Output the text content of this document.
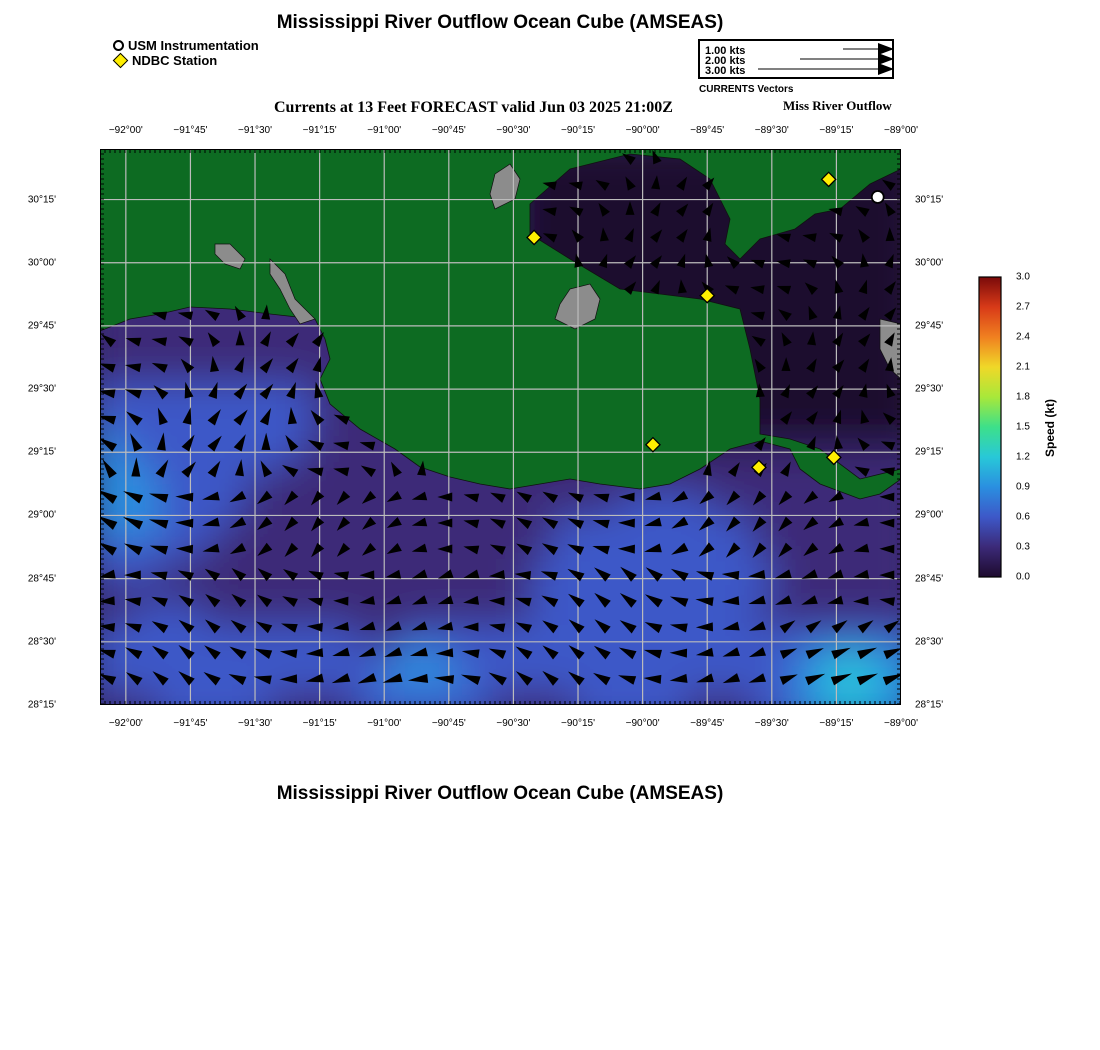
Mississippi River Outflow Ocean Cube (AMSEAS)
USM Instrumentation
NDBC Station
1.00 kts
2.00 kts
3.00 kts
CURRENTS Vectors
Currents at 13 Feet FORECAST valid Jun 03 2025 21:00Z	Miss River Outflow
−92°00'	−91°45'	−91°30'	−91°15'	−91°00'	−90°45'	−90°30'	−90°15'	−90°00'	−89°45'	−89°30'	−89°15'	−89°00'
−92°00'	−91°45'	−91°30'	−91°15'	−91°00'	−90°45'	−90°30'	−90°15'	−90°00'	−89°45'	−89°30'	−89°15'	−89°00'
30°15'
30°00'
29°45'
29°30'
29°15'
29°00'
28°45'
28°30'
28°15'
30°15'
30°00'
29°45'
29°30'
29°15'
29°00'
28°45'
28°30'
28°15'
3.0
2.7
2.4
2.1
1.8
1.5
1.2
0.9
0.6
0.3
0.0
Speed (kt)
Mississippi River Outflow Ocean Cube (AMSEAS)
